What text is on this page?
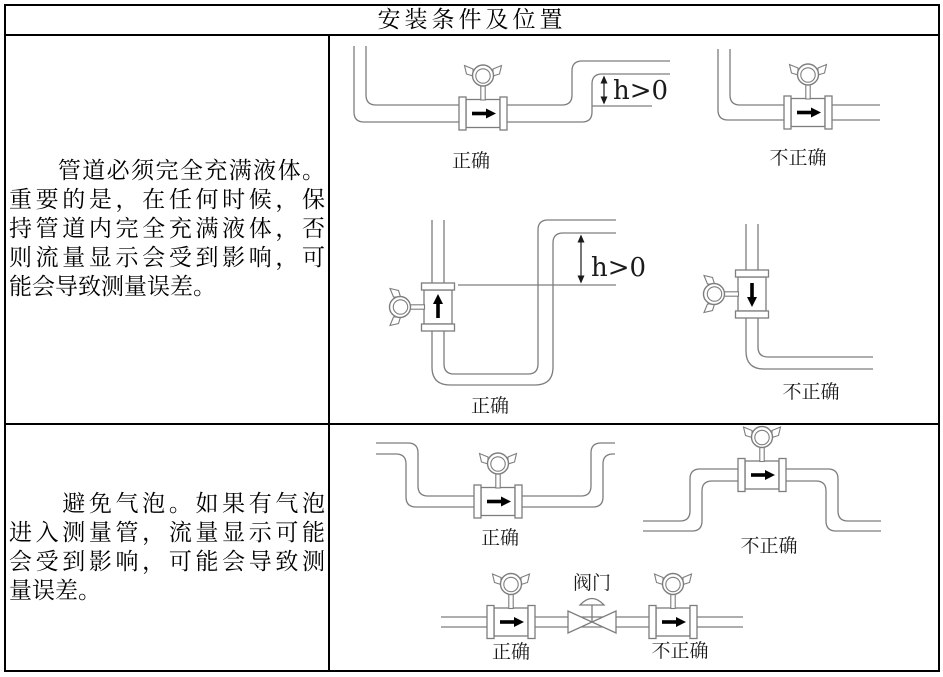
安装条件及位置
　　管道必须完全充满液体。
重要的是，在任何时候，保
持管道内完全充满液体，否
则流量显示会受到影响，可
能会导致测量误差。
h>0
正确	不正确
h>0
正确
不正确
　　避免气泡。如果有气泡
进入测量管，流量显示可能
会受到影响，可能会导致测
量误差。
正确	不正确
阀门
正确	不正确
